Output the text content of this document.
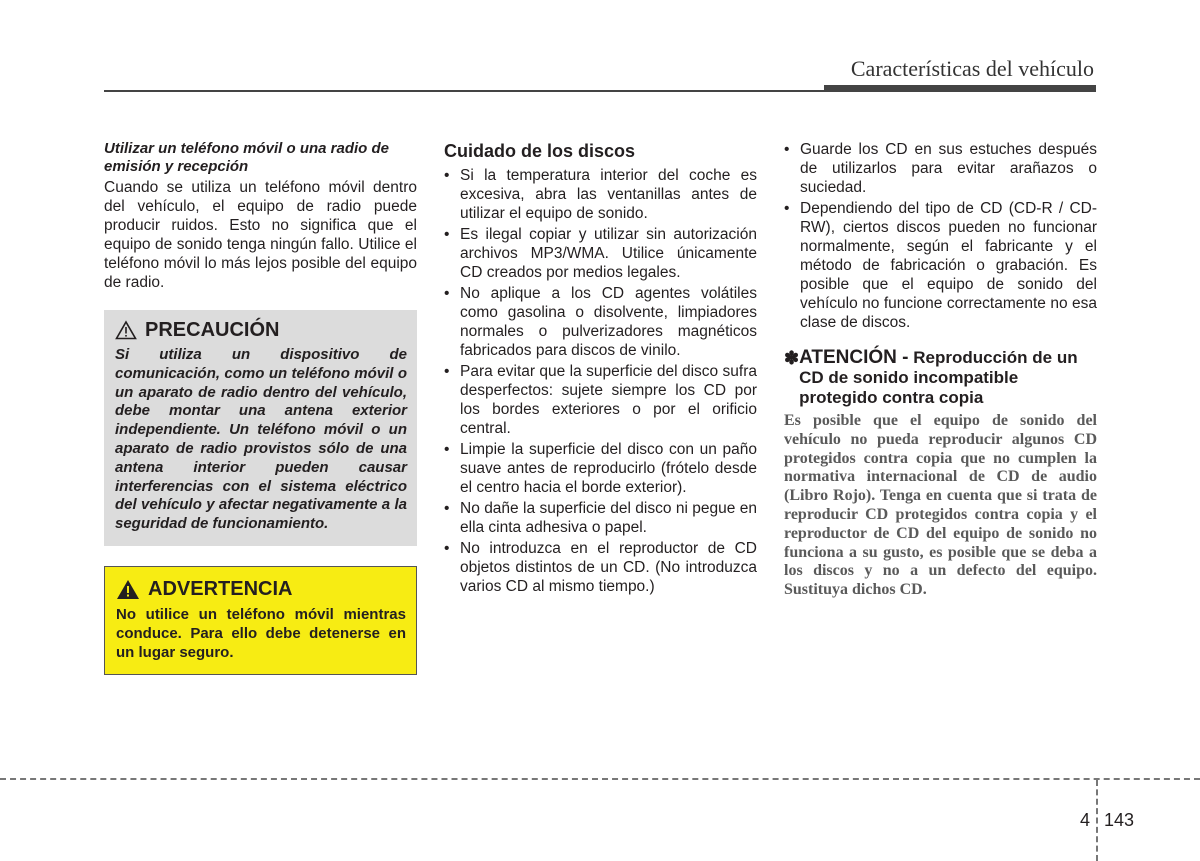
Características del vehículo

Utilizar un teléfono móvil o una radio de emisión y recepción

Cuando se utiliza un teléfono móvil dentro del vehículo, el equipo de radio puede producir ruidos. Esto no significa que el equipo de sonido tenga ningún fallo. Utilice el teléfono móvil lo más lejos posible del equipo de radio.

PRECAUCIÓN

Si utiliza un dispositivo de comunicación, como un teléfono móvil o un aparato de radio dentro del vehículo, debe montar una antena exterior independiente. Un teléfono móvil o un aparato de radio provistos sólo de una antena interior pueden causar interferencias con el sistema eléctrico del vehículo y afectar negativamente a la seguridad de funcionamiento.

ADVERTENCIA

No utilice un teléfono móvil mientras conduce. Para ello debe detenerse en un lugar seguro.

Cuidado de los discos

• Si la temperatura interior del coche es excesiva, abra las ventanillas antes de utilizar el equipo de sonido.
• Es ilegal copiar y utilizar sin autorización archivos MP3/WMA. Utilice únicamente CD creados por medios legales.
• No aplique a los CD agentes volátiles como gasolina o disolvente, limpiadores normales o pulverizadores magnéticos fabricados para discos de vinilo.
• Para evitar que la superficie del disco sufra desperfectos: sujete siempre los CD por los bordes exteriores o por el orificio central.
• Limpie la superficie del disco con un paño suave antes de reproducirlo (frótelo desde el centro hacia el borde exterior).
• No dañe la superficie del disco ni pegue en ella cinta adhesiva o papel.
• No introduzca en el reproductor de CD objetos distintos de un CD. (No introduzca varios CD al mismo tiempo.)
• Guarde los CD en sus estuches después de utilizarlos para evitar arañazos o suciedad.
• Dependiendo del tipo de CD (CD-R / CD-RW), ciertos discos pueden no funcionar normalmente, según el fabricante y el método de fabricación o grabación. Es posible que el equipo de sonido del vehículo no funcione correctamente no esa clase de discos.
✽ ATENCIÓN - Reproducción de un CD de sonido incompatible protegido contra copia

Es posible que el equipo de sonido del vehículo no pueda reproducir algunos CD protegidos contra copia que no cumplen la normativa internacional de CD de audio (Libro Rojo). Tenga en cuenta que si trata de reproducir CD protegidos contra copia y el reproductor de CD del equipo de sonido no funciona a su gusto, es posible que se deba a los discos y no a un defecto del equipo. Sustituya dichos CD.

4 143
